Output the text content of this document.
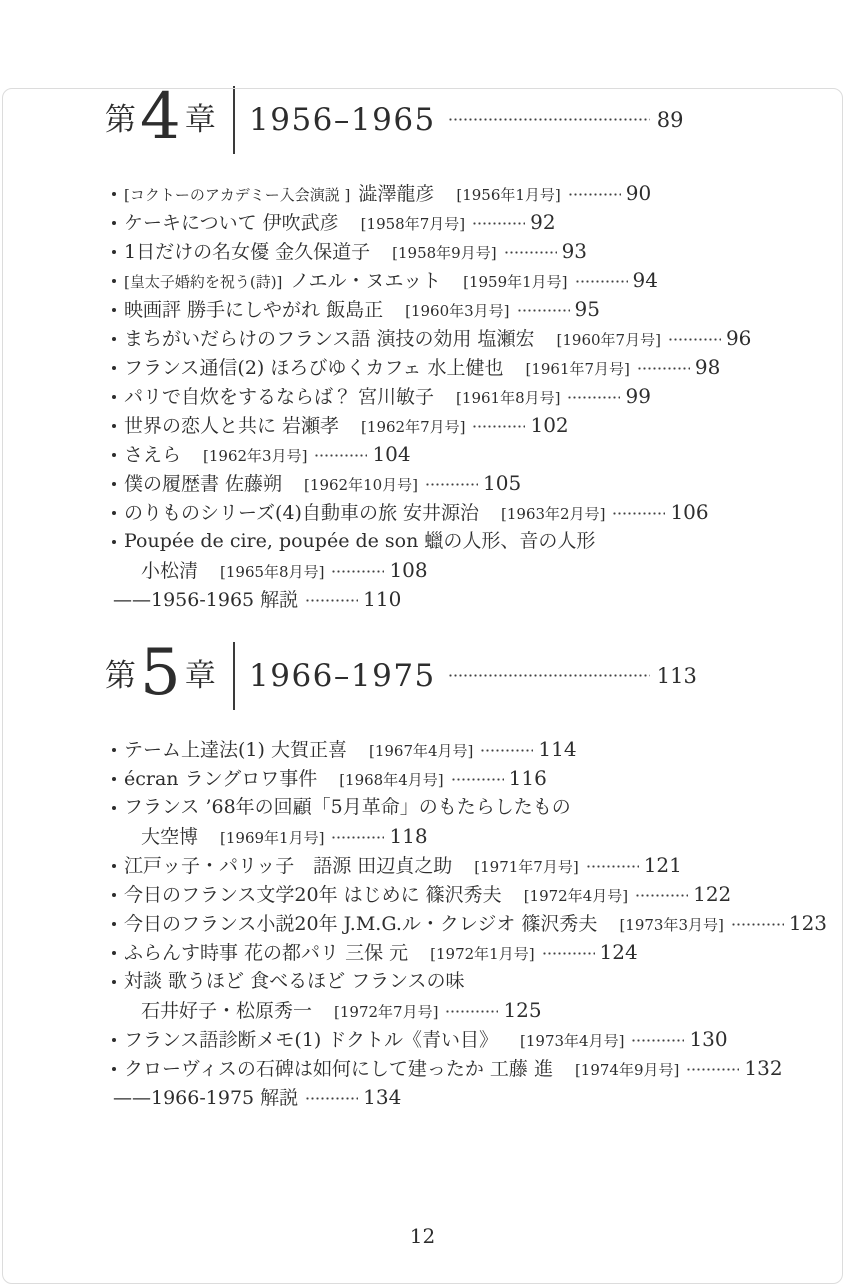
第 4 章 1956–1965	89
[コクトーのアカデミー入会演説 ] 澁澤龍彦 [1956年1月号]	90
ケーキについて 伊吹武彦 [1958年7月号]	92
1日だけの名女優 金久保道子 [1958年9月号]	93
[皇太子婚約を祝う(詩)] ノエル・ヌエット [1959年1月号]	94
映画評 勝手にしやがれ 飯島正 [1960年3月号]	95
まちがいだらけのフランス語 演技の効用 塩瀬宏 [1960年7月号]	96
フランス通信(2) ほろびゆくカフェ 水上健也 [1961年7月号]	98
パリで自炊をするならば？ 宮川敏子 [1961年8月号]	99
世界の恋人と共に 岩瀬孝 [1962年7月号]	102
さえら [1962年3月号]	104
僕の履歴書 佐藤朔 [1962年10月号]	105
のりものシリーズ(4)自動車の旅 安井源治 [1963年2月号]	106
Poupée de cire, poupée de son 蠟の人形、音の人形
小松清 [1965年8月号]	108
——1956-1965 解説	110
第 5 章 1966–1975	113
テーム上達法(1) 大賀正喜 [1967年4月号]	114
écran ラングロワ事件 [1968年4月号]	116
フランス ’68年の回顧「5月革命」のもたらしたもの
大空博 [1969年1月号]	118
江戸ッ子・パリッ子　語源 田辺貞之助 [1971年7月号]	121
今日のフランス文学20年 はじめに 篠沢秀夫 [1972年4月号]	122
今日のフランス小説20年 J.M.G.ル・クレジオ 篠沢秀夫 [1973年3月号]	123
ふらんす時事 花の都パリ 三保 元 [1972年1月号]	124
対談 歌うほど 食べるほど フランスの味
石井好子・松原秀一 [1972年7月号]	125
フランス語診断メモ(1) ドクトル《青い目》 [1973年4月号]	130
クローヴィスの石碑は如何にして建ったか 工藤 進 [1974年9月号]	132
——1966-1975 解説	134
12
